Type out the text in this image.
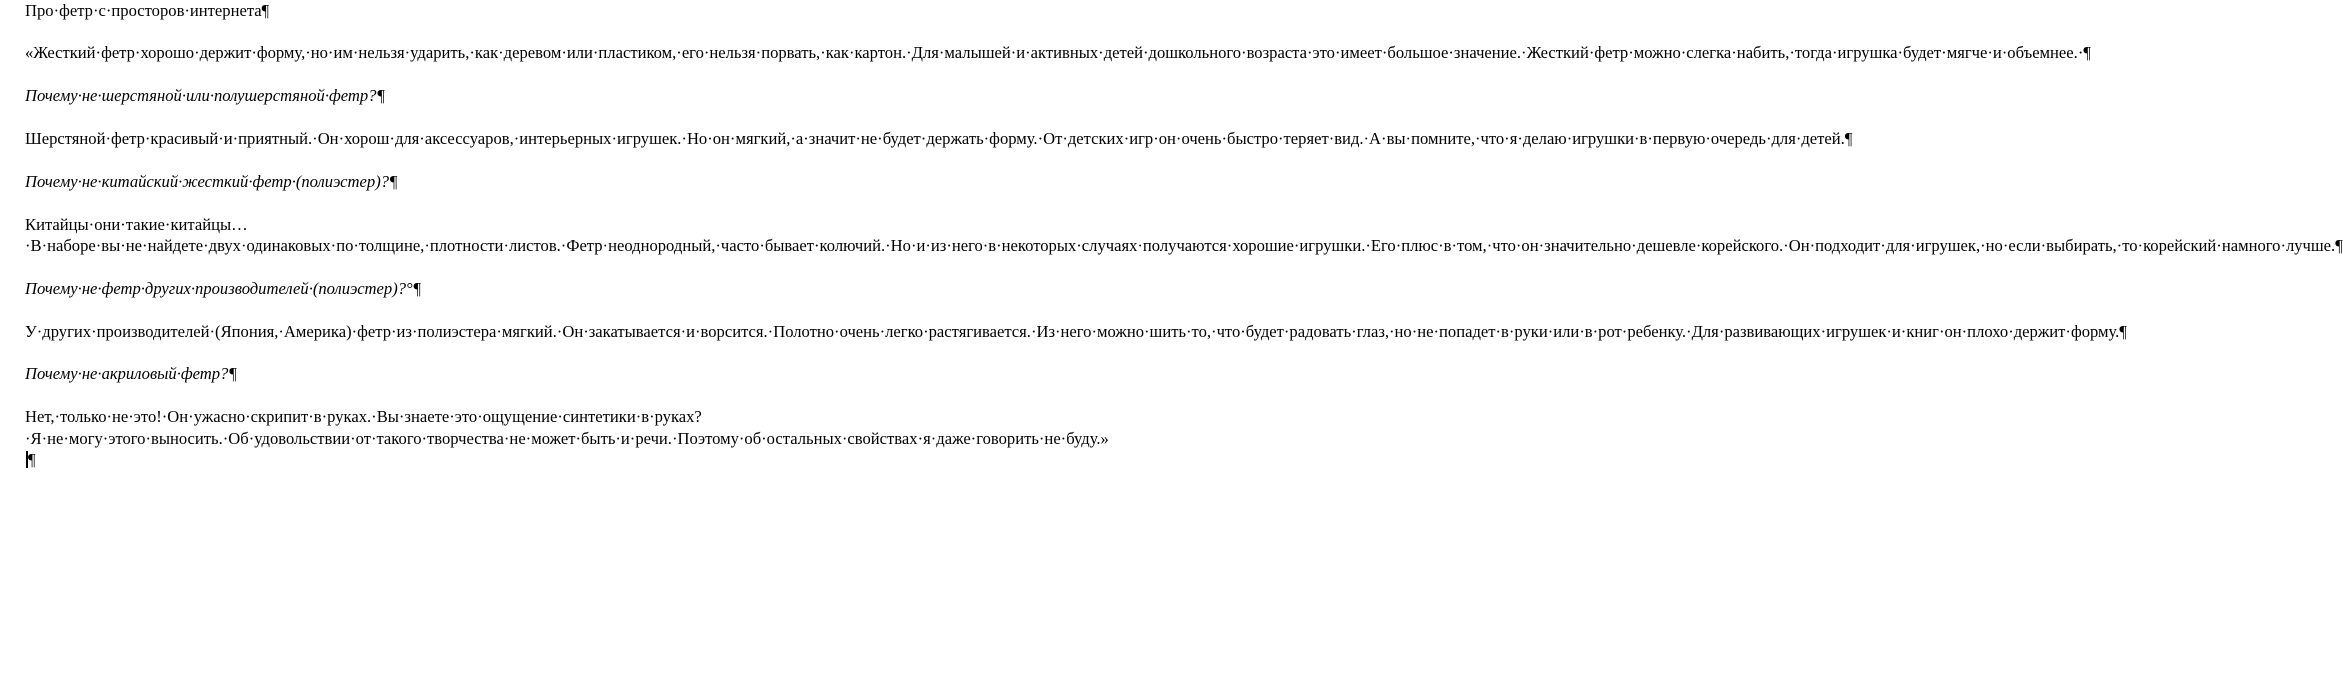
Про·фетр·с·просторов·интернета¶

«Жесткий·фетр·хорошо·держит·форму,·но·им·нельзя·ударить,·как·деревом·или·пластиком,·его·нельзя·порвать,·как·картон.·Для·малышей·и·активных·детей·дошкольного·возраста·это·имеет·большое·значение.·Жесткий·фетр·можно·слегка·набить,·тогда·игрушка·будет·мягче·и·объемнее.·¶

Почему·не·шерстяной·или·полушерстяной·фетр?¶

Шерстяной·фетр·красивый·и·приятный.·Он·хорош·для·аксессуаров,·интерьерных·игрушек.·Но·он·мягкий,·а·значит·не·будет·держать·форму.·От·детских·игр·он·очень·быстро·теряет·вид.·А·вы·помните,·что·я·делаю·игрушки·в·первую·очередь·для·детей.¶

Почему·не·китайский·жесткий·фетр·(полиэстер)?¶

Китайцы·они·такие·китайцы…·В·наборе·вы·не·найдете·двух·одинаковых·по·толщине,·плотности·листов.·Фетр·неоднородный,·часто·бывает·колючий.·Но·и·из·него·в·некоторых·случаях·получаются·хорошие·игрушки.·Его·плюс·в·том,·что·он·значительно·дешевле·корейского.·Он·подходит·для·игрушек,·но·если·выбирать,·то·корейский·намного·лучше.¶

Почему·не·фетр·других·производителей·(полиэстер)?°¶

У·других·производителей·(Япония,·Америка)·фетр·из·полиэстера·мягкий.·Он·закатывается·и·ворсится.·Полотно·очень·легко·растягивается.·Из·него·можно·шить·то,·что·будет·радовать·глаз,·но·не·попадет·в·руки·или·в·рот·ребенку.·Для·развивающих·игрушек·и·книг·он·плохо·держит·форму.¶

Почему·не·акриловый·фетр?¶

Нет,·только·не·это!·Он·ужасно·скрипит·в·руках.·Вы·знаете·это·ощущение·синтетики·в·руках?·Я·не·могу·этого·выносить.·Об·удовольствии·от·такого·творчества·не·может·быть·и·речи.·Поэтому·об·остальных·свойствах·я·даже·говорить·не·буду.»¶
